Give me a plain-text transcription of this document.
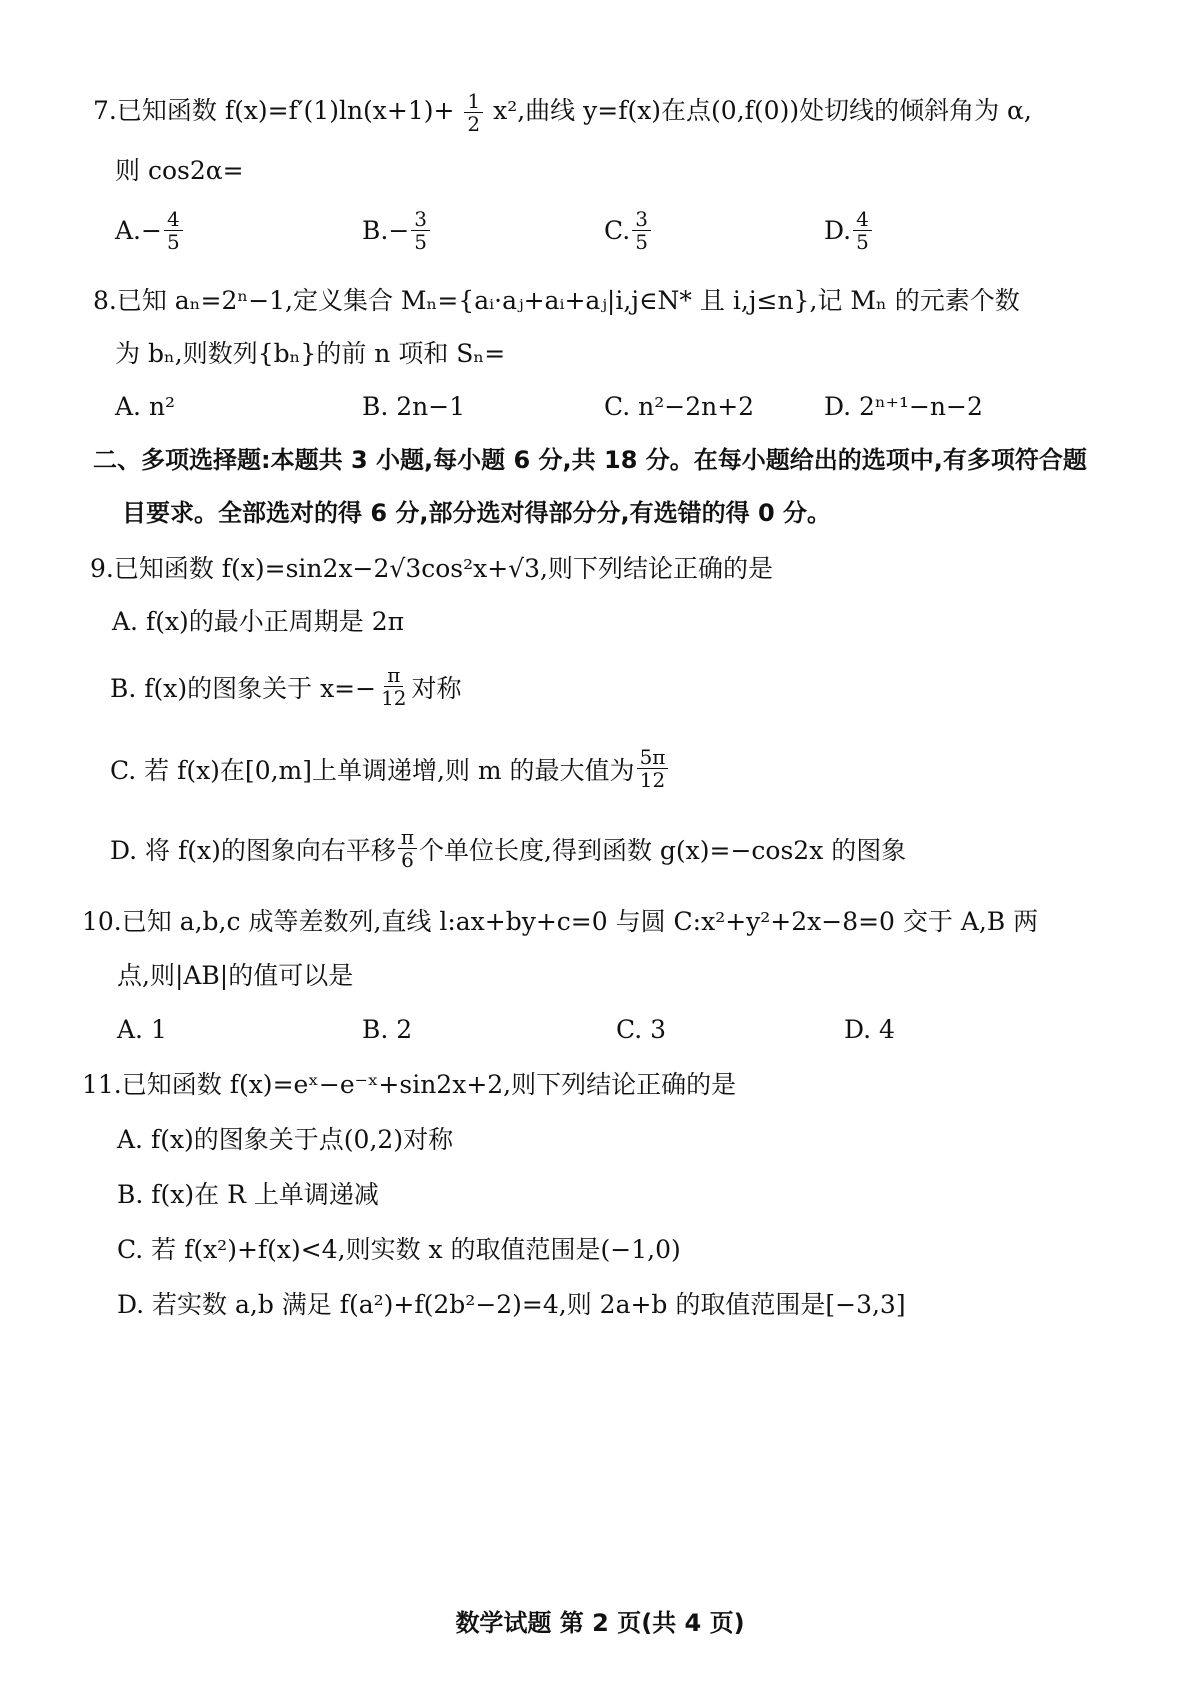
7.已知函数 $f(x)=f'(1)\ln(x+1)+ \frac{1}{2} x^2$,曲线 y=f(x)在点(0,f(0))处切线的倾斜角为 α,
则 cos2α=
A. − $\frac{4}{5}$	B. − $\frac{3}{5}$	C. $\frac{3}{5}$	D. $\frac{4}{5}$
8.已知 aₙ=2ⁿ−1,定义集合 Mₙ={aᵢ·aⱼ+aᵢ+aⱼ|i,j∈N* 且 i,j≤n},记 Mₙ 的元素个数
为 bₙ,则数列{bₙ}的前 n 项和 Sₙ=
A. n²	B. 2n−1	C. n²−2n+2	D. 2ⁿ⁺¹−n−2
二、多项选择题:本题共 3 小题,每小题 6 分,共 18 分。在每小题给出的选项中,有多项符合题
目要求。全部选对的得 6 分,部分选对得部分分,有选错的得 0 分。
9.已知函数 f(x)=sin2x−2√3cos²x+√3,则下列结论正确的是
A. f(x)的最小正周期是 2π
B. f(x)的图象关于 $x=- \frac{\pi}{12}$ 对称
C. 若 f(x)在[0,m]上单调递增,则 m 的最大值为 $\frac{5\pi}{12}$
D. 将 f(x)的图象向右平移 $\frac{\pi}{6}$ 个单位长度,得到函数 g(x)=−cos2x 的图象
10.已知 a,b,c 成等差数列,直线 l:ax+by+c=0 与圆 C:x²+y²+2x−8=0 交于 A,B 两
点,则|AB|的值可以是
A. 1	B. 2	C. 3	D. 4
11.已知函数 f(x)=eˣ−e⁻ˣ+sin2x+2,则下列结论正确的是
A. f(x)的图象关于点(0,2)对称
B. f(x)在 R 上单调递减
C. 若 f(x²)+f(x)<4,则实数 x 的取值范围是(−1,0)
D. 若实数 a,b 满足 f(a²)+f(2b²−2)=4,则 2a+b 的取值范围是[−3,3]
数学试题 第 2 页(共 4 页)
